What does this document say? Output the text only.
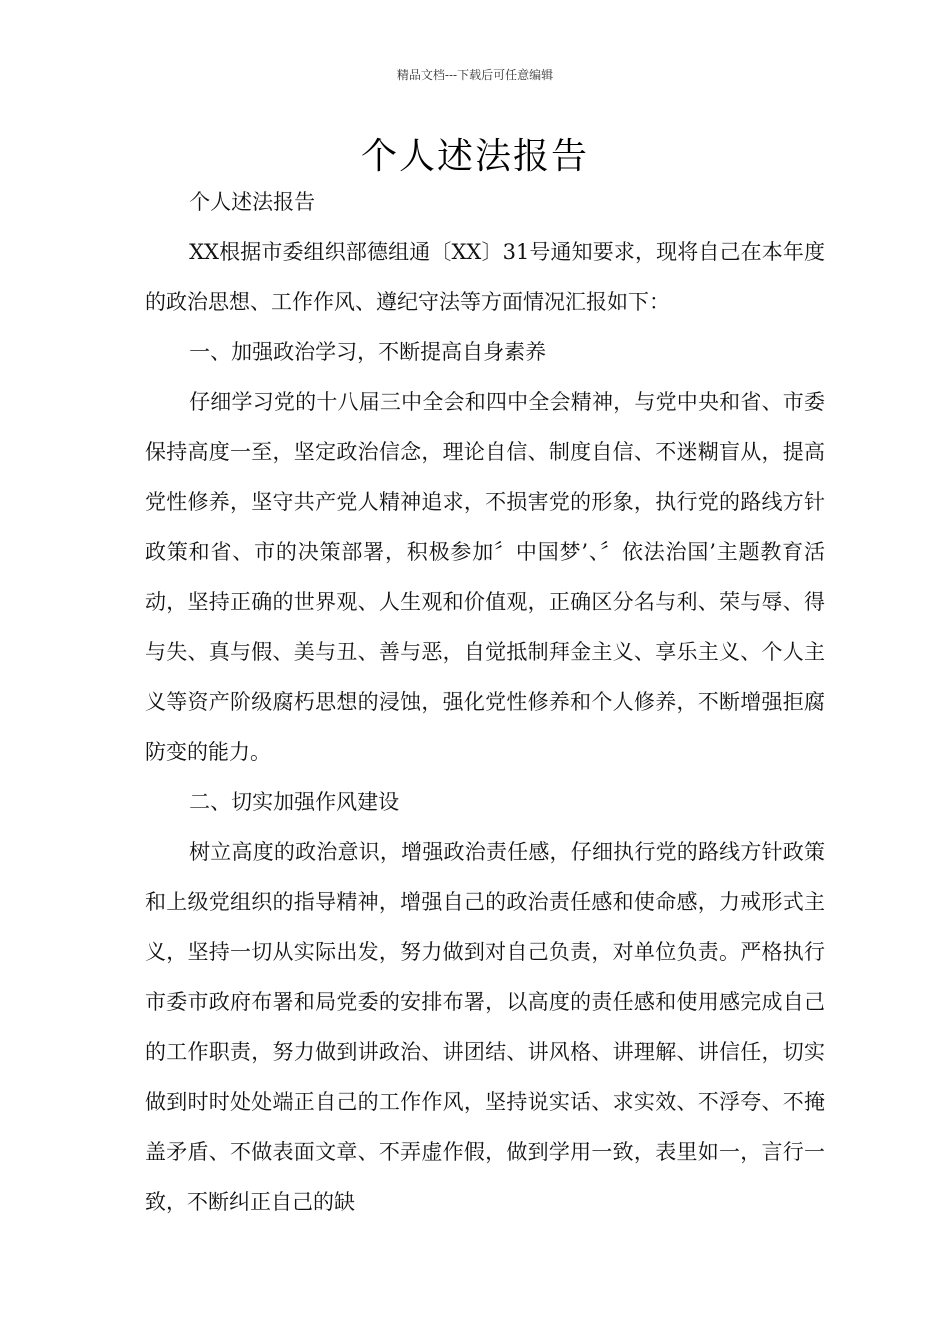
精品文档---下载后可任意编辑
个人述法报告

个人述法报告

XX根据市委组织部德组通〔XX〕31号通知要求，现将自己在本年度的政治思想、工作作风、遵纪守法等方面情况汇报如下：

一、加强政治学习，不断提高自身素养

仔细学习党的十八届三中全会和四中全会精神，与党中央和省、市委保持高度一至，坚定政治信念，理论自信、制度自信、不迷糊盲从，提高党性修养，坚守共产党人精神追求，不损害党的形象，执行党的路线方针政策和省、市的决策部署，积极参加〞中国梦’、〞依法治国’主题教育活动，坚持正确的世界观、人生观和价值观，正确区分名与利、荣与辱、得与失、真与假、美与丑、善与恶，自觉抵制拜金主义、享乐主义、个人主义等资产阶级腐朽思想的浸蚀，强化党性修养和个人修养，不断增强拒腐防变的能力。

二、切实加强作风建设

树立高度的政治意识，增强政治责任感，仔细执行党的路线方针政策和上级党组织的指导精神，增强自己的政治责任感和使命感，力戒形式主义，坚持一切从实际出发，努力做到对自己负责，对单位负责。严格执行市委市政府布署和局党委的安排布署，以高度的责任感和使用感完成自己的工作职责，努力做到讲政治、讲团结、讲风格、讲理解、讲信任，切实做到时时处处端正自己的工作作风，坚持说实话、求实效、不浮夸、不掩盖矛盾、不做表面文章、不弄虚作假，做到学用一致，表里如一，言行一致，不断纠正自己的缺
